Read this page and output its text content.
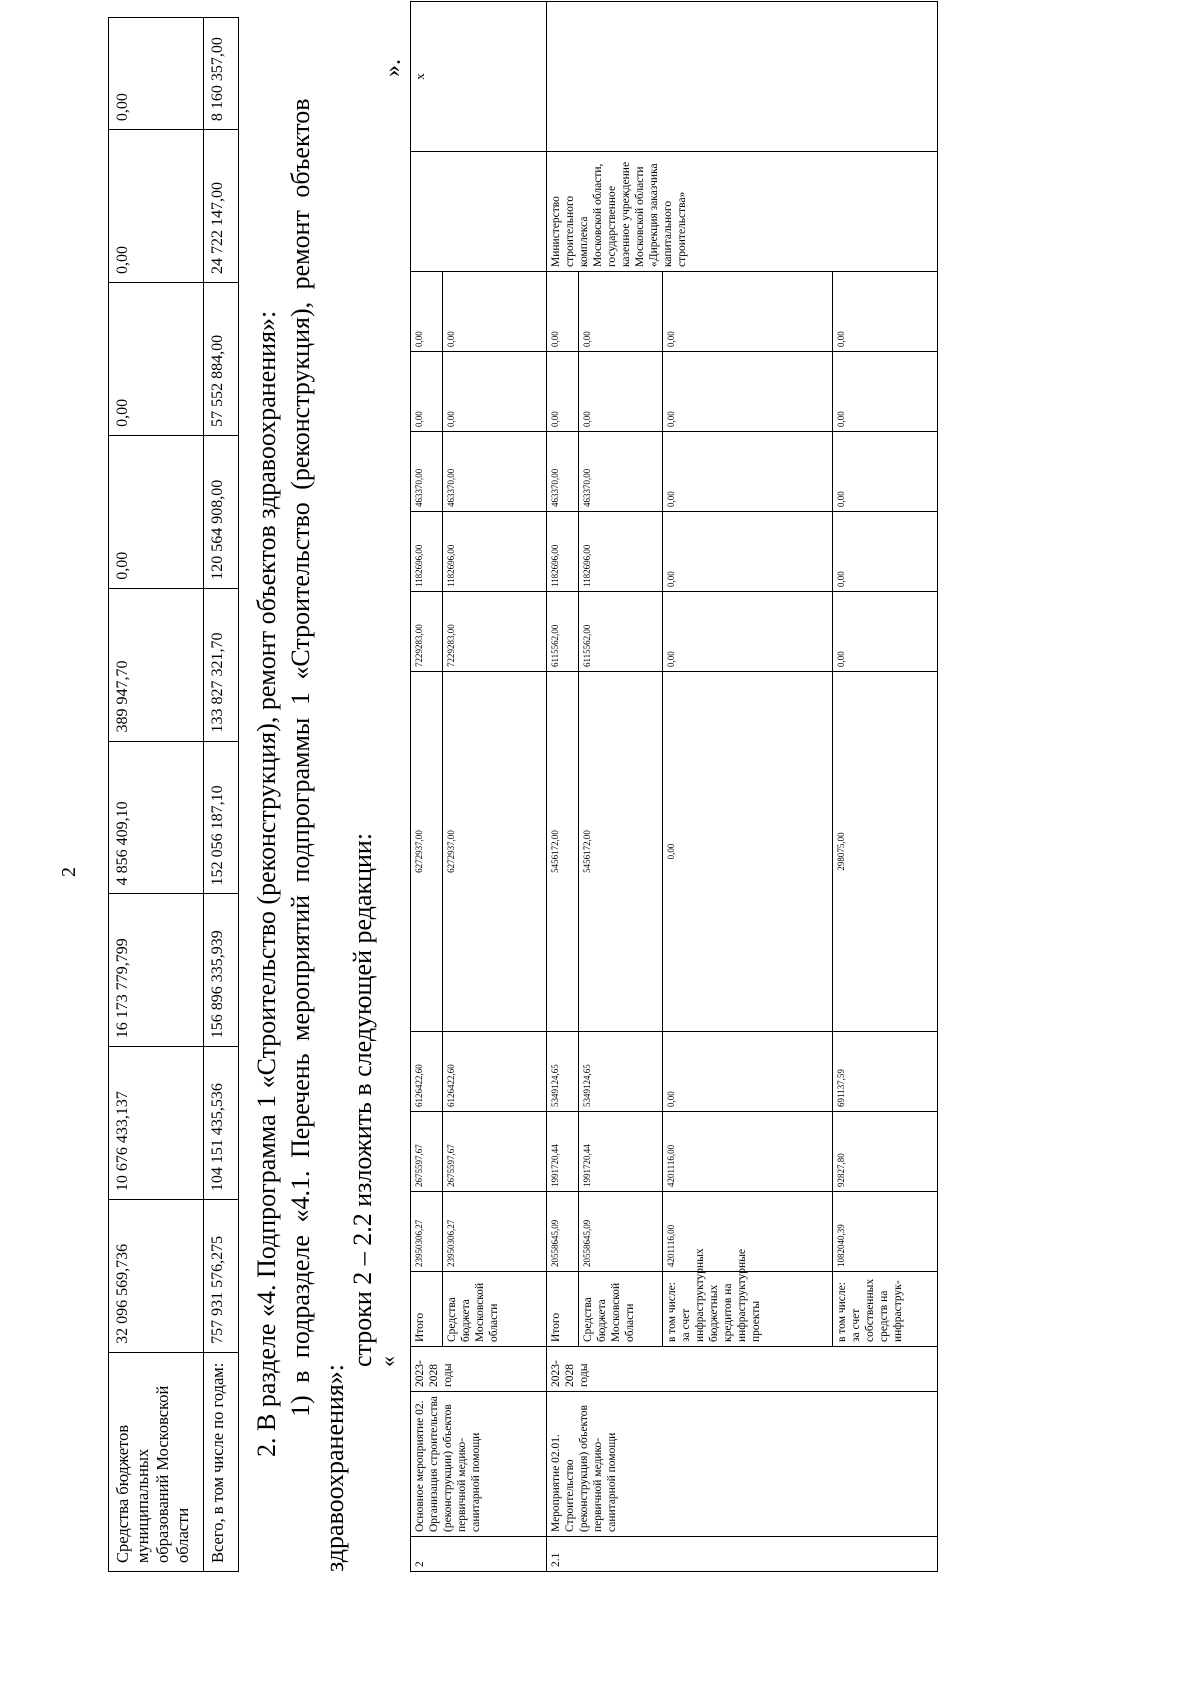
2
Средства бюджетов муниципальных образований Московской области	32 096 569,736	10 676 433,137	16 173 779,799	4 856 409,10	389 947,70	0,00	0,00	0,00	0,00
Всего, в том числе по годам:	757 931 576,275	104 151 435,536	156 896 335,939	152 056 187,10	133 827 321,70	120 564 908,00	57 552 884,00	24 722 147,00	8 160 357,00	».
2. В разделе «4. Подпрограмма 1 «Строительство (реконструкция), ремонт объектов здравоохранения»: 1) в подразделе «4.1. Перечень мероприятий подпрограммы 1 «Строительство (реконструкция), ремонт объектов
здравоохранения»:
строки 2 – 2.2 изложить в следующей редакции:
«
2	Основное мероприятие 02. Организация строительства (реконструкции) объектов первичной медико-санитарной помощи	2023-2028 годы	Итого	23950306,27	2675597,67	6126422,60	6272937,00	7229283,00	1182696,00	463370,00	0,00	0,00		x
			Средства бюджета Московской области	23950306,27	2675597,67	6126422,60	6272937,00	7229283,00	1182696,00	463370,00	0,00	0,00		
2.1	Мероприятие 02.01. Строительство (реконструкция) объектов первичной медико-санитарной помощи	2023-2028 годы	Итого	20558645,09	1991720,44	5349124,65	5456172,00	6115562,00	1182696,00	463370,00	0,00	0,00	Министерство строительного комплекса Московской области, государственное казенное учреждение Московской области «Дирекция заказчика капитального строительства»	
			Средства бюджета Московской области	20558645,09	1991720,44	5349124,65	5456172,00	6115562,00	1182696,00	463370,00	0,00	0,00		
			в том числе: за счет инфраструктурных бюджетных кредитов на инфраструктурные проекты	4201116,00	4201116,00	0,00	0,00	0,00	0,00	0,00	0,00	0,00		
			в том числе: за счет собственных средств на инфраструк-	1082040,39	92827,80	691137,59	298075,00	0,00	0,00	0,00	0,00	0,00		
